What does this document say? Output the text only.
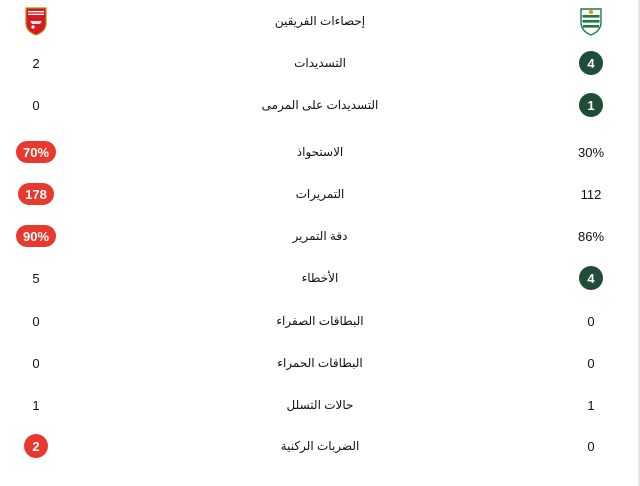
إحصاءات الفريقين
2	التسديدات	4
0	التسديدات على المرمى	1
70%	الاستحواذ	30%
178	التمريرات	112
90%	دقة التمرير	86%
5	الأخطاء	4
0	البطاقات الصفراء	0
0	البطاقات الحمراء	0
1	حالات التسلل	1
2	الضربات الركنية	0
